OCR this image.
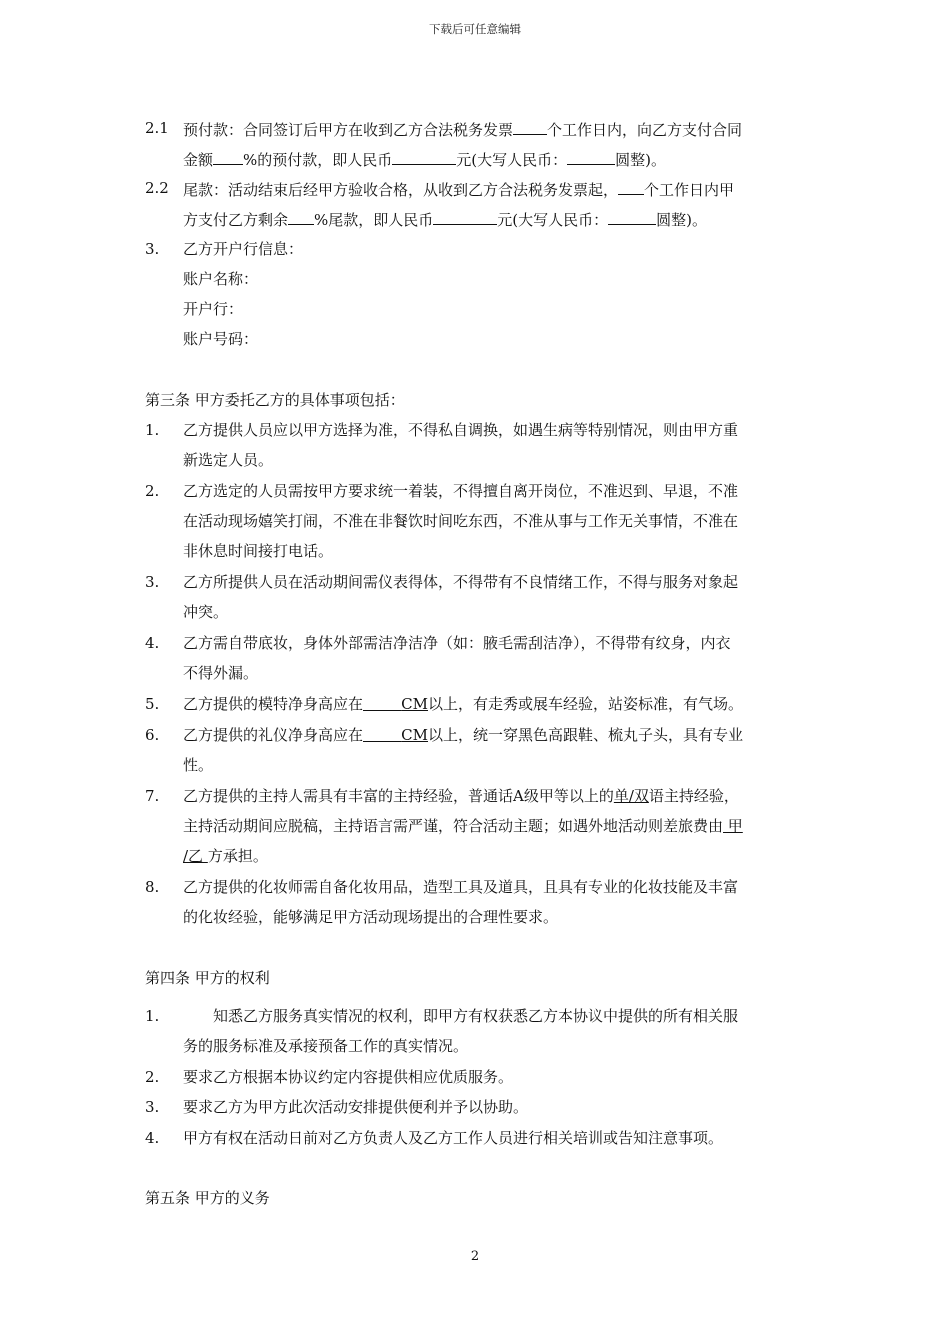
下载后可任意编辑
2.1 预付款：合同签订后甲方在收到乙方合法税务发票 个工作日内，向乙方支付合同
金额 %的预付款，即人民币	元(大写人民币：	圆整)。
2.2 尾款：活动结束后经甲方验收合格，从收到乙方合法税务发票起， 个工作日内甲
方支付乙方剩余 %尾款，即人民币	元(大写人民币：	圆整)。
3. 乙方开户行信息：
账户名称：
开户行：
账户号码：
第三条 甲方委托乙方的具体事项包括：
1. 乙方提供人员应以甲方选择为准，不得私自调换，如遇生病等特别情况，则由甲方重
新选定人员。
2. 乙方选定的人员需按甲方要求统一着装，不得擅自离开岗位，不准迟到、早退，不准
在活动现场嬉笑打闹，不准在非餐饮时间吃东西，不准从事与工作无关事情，不准在
非休息时间接打电话。
3. 乙方所提供人员在活动期间需仪表得体，不得带有不良情绪工作，不得与服务对象起
冲突。
4. 乙方需自带底妆，身体外部需洁净洁净（如：腋毛需刮洁净），不得带有纹身，内衣
不得外漏。
5. 乙方提供的模特净身高应在	CM以上，有走秀或展车经验，站姿标准，有气场。
6. 乙方提供的礼仪净身高应在	CM以上，统一穿黑色高跟鞋、梳丸子头，具有专业
性。
7. 乙方提供的主持人需具有丰富的主持经验，普通话A级甲等以上的单/双语主持经验，
主持活动期间应脱稿，主持语言需严谨，符合活动主题；如遇外地活动则差旅费由 甲
/乙 方承担。
8. 乙方提供的化妆师需自备化妆用品，造型工具及道具，且具有专业的化妆技能及丰富
的化妆经验，能够满足甲方活动现场提出的合理性要求。
第四条 甲方的权利
1.	知悉乙方服务真实情况的权利，即甲方有权获悉乙方本协议中提供的所有相关服
务的服务标准及承接预备工作的真实情况。
2. 要求乙方根据本协议约定内容提供相应优质服务。
3. 要求乙方为甲方此次活动安排提供便利并予以协助。
4. 甲方有权在活动日前对乙方负责人及乙方工作人员进行相关培训或告知注意事项。
第五条 甲方的义务
2
